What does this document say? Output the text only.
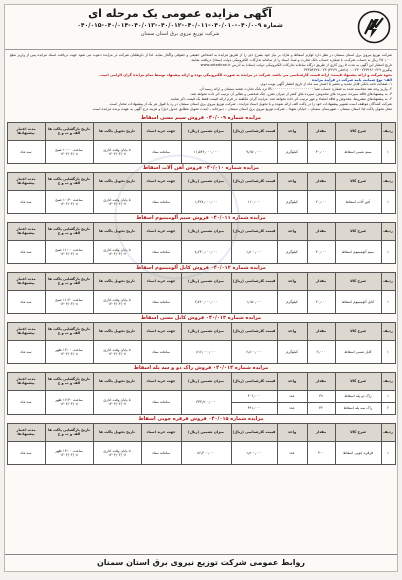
آگهی مزایده عمومی یک مرحله ای
شماره ۰۴۰/۰۰۹-۰۴۰/۰۱۰-۰۴۰/۰۱۱-۰۴۰/۰۱۲-۰۴۰/۰۱۳-۰۴۰/۰۱۴-۰۴۰/۰۱۵
شرکت توزیع نیروی برق استان سمنان

شرکت توزیع نیروی برق استان سمنان در نظر دارد لوازم اسقاط و مازاد بر نیاز خود بشرح ذیل را از طریق مزایده به اشخاص حقیقی و حقوقی واگذار نماید. لذا از داوطلبان شرکت در مزایده دعوت می شود جهت دریافت اسناد مزایده پس از واریز مبلغ ۲۵۰٫۰۰۰ ریال به حساب شرکت، با شماره حساب بانک تجارت و شبا، اسناد را از سامانه تدارکات الکترونیکی دولت (ستاد) دریافت نمایند.

تاریخ انتشار این آگهی به مدت ۵ روز کاری از طریق درگاه سامانه تدارکات الکترونیکی دولت (ستاد) به آدرس www.setadiran.ir

پیگیری ۰۲۳۳۳۶۶۰۶۲۹ ۰۲۳-۰ (داخلی ۳۲۷۹) ۰۲۳-۳۳۴۵۳۶۲۷

نحوه شرکت و ارائه پیشنهاد قیمت: ارائه قیمت کارشناسی می باشد. شرکت در مزایده به صورت الکترونیکی بوده و ارائه پیشنهاد توسط تمام مزایده گران الزامی است.

الف- نوع ضمانت نامه شرکت در فرآیند مزایده

۱- ضمانت نامه بانکی قابل تمدید و معتبر تا اعتبار سه ماه از تاریخ انتشار آگهی نوبت دوم.

۲- واریز وجه نقد محاسبه شده به شماره حساب شبا IR-۰۰۰۰۰۰۰۰۰۰۰۰۰۰۰۰۰۰۰۰۰ نزد بانک تجارت شعبه سمنان و ارائه رسید آن.

۳- به پیشنهادهای فاقد سپرده، سپرده های مخدوش، سپرده های کمتر از میزان مقرر، چک شخصی و نظایر آن ترتیب اثر داده نخواهد شد.

۴- به پیشنهادهای مشروط، مخدوش و فاقد امضاء و مهر ترتیب اثر داده نخواهد شد. مزایده گران مکلفند در فرم ارائه قیمت فقط یک قیمت ذکر نمایند.

شرکت کنندگان موظف است تصویر پیشنهادات خود را در پاکت الف ارائه نموده و با تحویل اسناد مزایده ، شرکت توزیع نیروی برق استان سمنان در رد یا قبول هر یک از پیشنهادات مختار است.

محل تحویل پاکت ها: استان سمنان – شهرستان سمنان – خیابان شهدا – شرکت توزیع نیروی برق استان سمنان – دبیرخانه ، (مدت تحویل مطابق جدول ذیل) و هزینه درج آگهی به عهده برنده مزایده است.

مزایده شماره ۰۴۰/۰۰۹ فروش سیم مسی اسقاط
ردیف	شرح کالا	مقدار	واحد	قیمت کارشناسی (ریال)	میزان تضمین (ریال)	جهت خرید اسناد	تاریخ تحویل پاکت ها	تاریخ بازگشایی پاکت ها الف و ب و ج	مدت اعتبار پیشنهادها
۱	سیم مسی اسقاط	۳۰٫۰۰۰	کیلوگرم	۹٫۶۵۰٫۰۰۰	۱۱٫۵۳۶٫۰۰۰٫۰۰۰	سامانه ستاد	تا پایان وقت اداری ۱۴۰۴/۰۴/۰۷	ساعت ۱۰:۰۰ صبح ۱۴۰۴/۰۴/۰۸	سه ماه
مزایده شماره ۰۴۰/۰۱۰ فروش آهن آلات اسقاط
ردیف	شرح کالا	مقدار	واحد	قیمت کارشناسی (ریال)	میزان تضمین (ریال)	جهت خرید اسناد	تاریخ تحویل پاکت ها	تاریخ بازگشایی پاکت ها الف و ب و ج	مدت اعتبار پیشنهادها
۱	آهن آلات اسقاط	۲۰٫۰۰۰	کیلوگرم	۱۱۰٫۰۰۰	۱٫۳۲۸٫۰۰۰٫۰۰۰	سامانه ستاد	تا پایان وقت اداری ۱۴۰۴/۰۴/۰۷	ساعت ۱۰:۳۰ صبح ۱۴۰۴/۰۴/۰۸	سه ماه
مزایده شماره ۰۴۰/۰۱۱ فروش سیم آلومینیوم اسقاط
ردیف	شرح کالا	مقدار	واحد	قیمت کارشناسی (ریال)	میزان تضمین (ریال)	جهت خرید اسناد	تاریخ تحویل پاکت ها	تاریخ بازگشایی پاکت ها الف و ب و ج	مدت اعتبار پیشنهادها
۱	سیم آلومینیوم اسقاط	۴۰٫۰۰۰	کیلوگرم	۱٫۸۰۰٫۰۰۰	۸٫۶۴۰٫۰۰۰٫۰۰۰	سامانه ستاد	تا پایان وقت اداری ۱۴۰۴/۰۴/۰۷	ساعت ۱۱:۰۰ صبح ۱۴۰۴/۰۴/۰۸	سه ماه
مزایده شماره ۰۴۰/۰۱۲ فروش کابل آلومینیوم اسقاط
ردیف	شرح کالا	مقدار	واحد	قیمت کارشناسی (ریال)	میزان تضمین (ریال)	جهت خرید اسناد	تاریخ تحویل پاکت ها	تاریخ بازگشایی پاکت ها الف و ب و ج	مدت اعتبار پیشنهادها
۱	کابل آلومینیوم اسقاط	۲۰٫۰۰۰	کیلوگرم	۱٫۱۵۰٫۰۰۰	۲٫۷۶۰٫۰۰۰٫۰۰۰	سامانه ستاد	تا پایان وقت اداری ۱۴۰۴/۰۴/۰۷	ساعت ۱۱:۳۰ صبح ۱۴۰۴/۰۴/۰۸	سه ماه
مزایده شماره ۰۴۰/۰۱۳ فروش کابل مسی اسقاط
ردیف	شرح کالا	مقدار	واحد	قیمت کارشناسی (ریال)	میزان تضمین (ریال)	جهت خرید اسناد	تاریخ تحویل پاکت ها	تاریخ بازگشایی پاکت ها الف و ب و ج	مدت اعتبار پیشنهادها
۱	کابل مسی اسقاط	۲٫۰۰۰	کیلوگرم	۶٫۸۰۰٫۰۰۰	۸۱۶٫۰۰۰٫۰۰۰	سامانه ستاد	تا پایان وقت اداری ۱۴۰۴/۰۴/۰۷	ساعت ۱۲:۰۰ ظهر ۱۴۰۴/۰۴/۰۸	سه ماه
مزایده شماره ۰۴۰/۰۱۴ فروش راک دو و سه پله اسقاط
ردیف	شرح کالا	مقدار	واحد	قیمت کارشناسی (ریال)	میزان تضمین (ریال)	جهت خرید اسناد	تاریخ تحویل پاکت ها	تاریخ بازگشایی پاکت ها الف و ب و ج	مدت اعتبار پیشنهادها
۱	راک دو پله اسقاط	۳۸	عدد	۳۰۶٫۰۰۰	۳۳۳٫۷۰۰٫۰۰۰	سامانه ستاد	تا پایان وقت اداری ۱۴۰۴/۰۴/۰۷	ساعت ۱۲:۳۰ ظهر ۱۴۰۴/۰۴/۰۸	سه ماه
۲	راک سه پله اسقاط	۴۴	عدد	۴۹۱٫۰۰۰					
مزایده شماره ۰۴۰/۰۱۵ فروش قرقره چوبی اسقاط
ردیف	شرح کالا	مقدار	واحد	قیمت کارشناسی (ریال)	میزان تضمین (ریال)	جهت خرید اسناد	تاریخ تحویل پاکت ها	تاریخ بازگشایی پاکت ها الف و ب و ج	مدت اعتبار پیشنهادها
۱	قرقره چوبی اسقاط	۴۰۰	عدد	۱٫۸۰۰٫۰۰۰	۸۶٫۴۰۰٫۰۰۰	سامانه ستاد	تا پایان وقت اداری ۱۴۰۴/۰۴/۰۷	ساعت ۱۳:۰۰ ظهر ۱۴۰۴/۰۴/۰۸	سه ماه
روابط عمومی شرکت توزیع نیروی برق استان سمنان
